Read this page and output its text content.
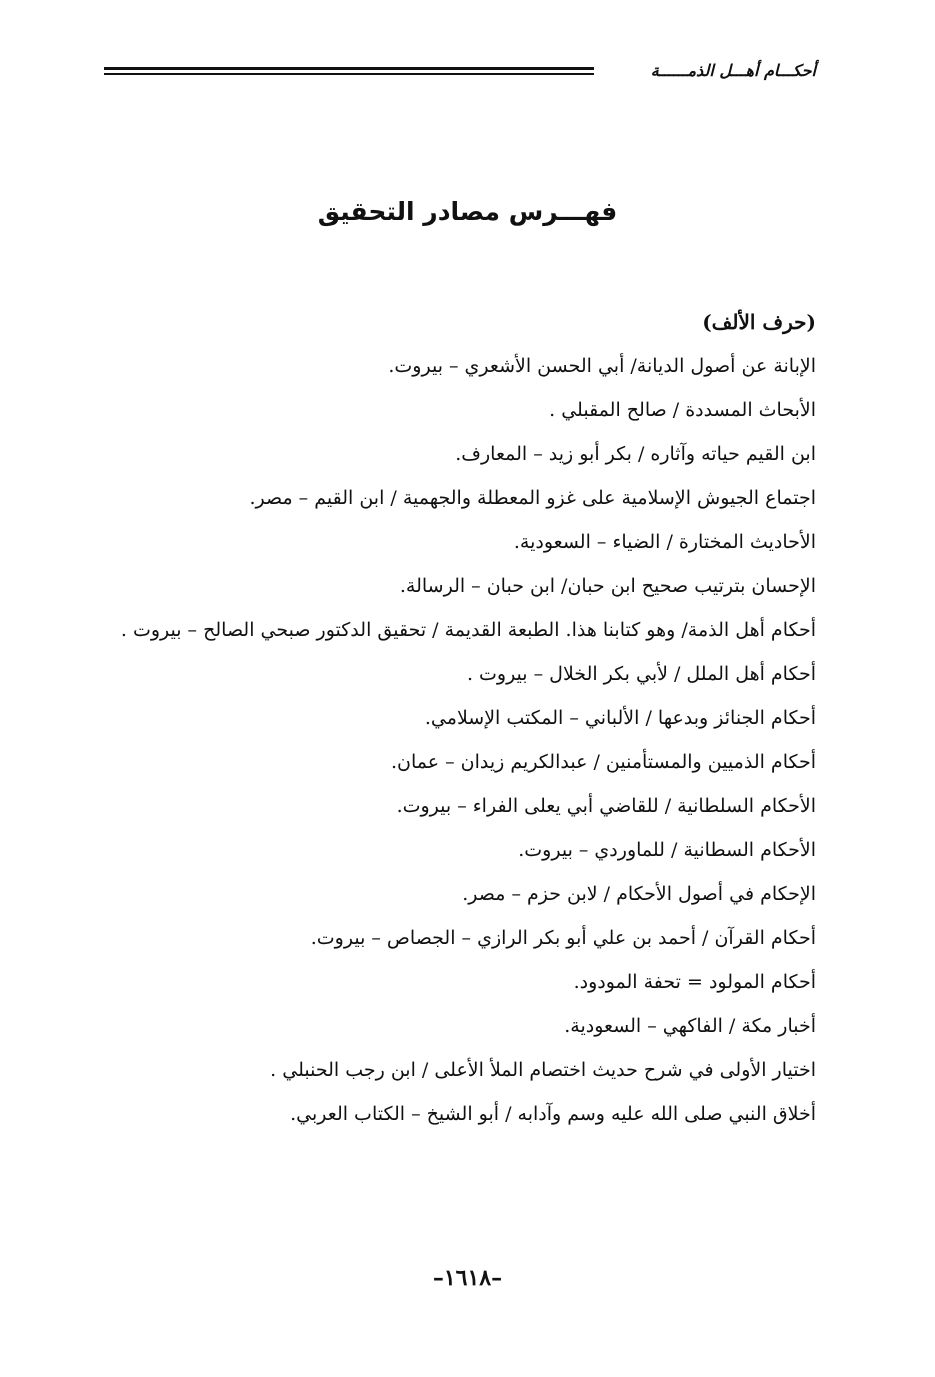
أحكـــام أهـــل الذمــــــة
فهـــرس مصادر التحقيق
(حرف الألف)
الإبانة عن أصول الديانة/ أبي الحسن الأشعري – بيروت.
الأبحاث المسددة / صالح المقبلي .
ابن القيم حياته وآثاره / بكر أبو زيد – المعارف.
اجتماع الجيوش الإسلامية على غزو المعطلة والجهمية / ابن القيم – مصر.
الأحاديث المختارة / الضياء – السعودية.
الإحسان بترتيب صحيح ابن حبان/ ابن حبان – الرسالة.
أحكام أهل الذمة/ وهو كتابنا هذا. الطبعة القديمة / تحقيق الدكتور صبحي الصالح – بيروت .
أحكام أهل الملل / لأبي بكر الخلال – بيروت .
أحكام الجنائز وبدعها / الألباني – المكتب الإسلامي.
أحكام الذميين والمستأمنين / عبدالكريم زيدان – عمان.
الأحكام السلطانية / للقاضي أبي يعلى الفراء – بيروت.
الأحكام السطانية / للماوردي – بيروت.
الإحكام في أصول الأحكام / لابن حزم – مصر.
أحكام القرآن / أحمد بن علي أبو بكر الرازي – الجصاص – بيروت.
أحكام المولود = تحفة المودود.
أخبار مكة / الفاكهي – السعودية.
اختيار الأولى في شرح حديث اختصام الملأ الأعلى / ابن رجب الحنبلي .
أخلاق النبي صلى الله عليه وسم وآدابه / أبو الشيخ – الكتاب العربي.
–١٦١٨–
